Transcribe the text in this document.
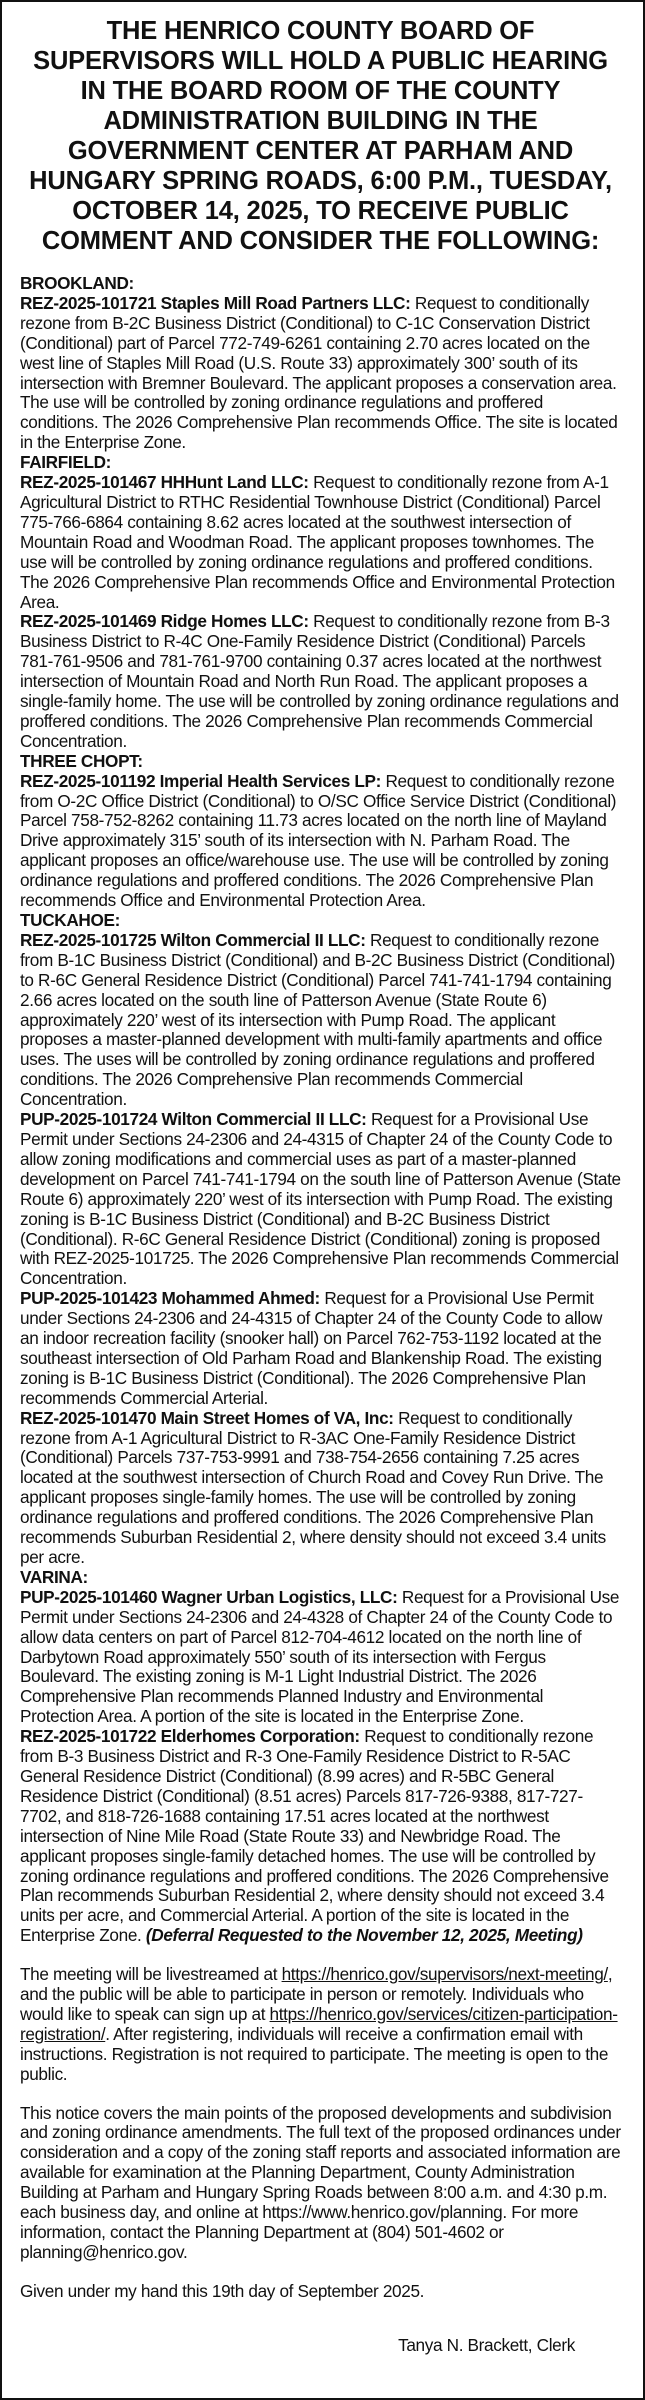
THE HENRICO COUNTY BOARD OF SUPERVISORS WILL HOLD A PUBLIC HEARING IN THE BOARD ROOM OF THE COUNTY ADMINISTRATION BUILDING IN THE GOVERNMENT CENTER AT PARHAM AND HUNGARY SPRING ROADS, 6:00 P.M., TUESDAY, OCTOBER 14, 2025, TO RECEIVE PUBLIC COMMENT AND CONSIDER THE FOLLOWING:
BROOKLAND:

REZ-2025-101721 Staples Mill Road Partners LLC: Request to conditionally rezone from B-2C Business District (Conditional) to C-1C Conservation District (Conditional) part of Parcel 772-749-6261 containing 2.70 acres located on the west line of Staples Mill Road (U.S. Route 33) approximately 300’ south of its intersection with Bremner Boulevard. The applicant proposes a conservation area. The use will be controlled by zoning ordinance regulations and proffered conditions. The 2026 Comprehensive Plan recommends Office. The site is located in the Enterprise Zone.

FAIRFIELD:

REZ-2025-101467 HHHunt Land LLC: Request to conditionally rezone from A-1 Agricultural District to RTHC Residential Townhouse District (Conditional) Parcel 775-766-6864 containing 8.62 acres located at the southwest intersection of Mountain Road and Woodman Road. The applicant proposes townhomes. The use will be controlled by zoning ordinance regulations and proffered conditions. The 2026 Comprehensive Plan recommends Office and Environmental Protection Area.

REZ-2025-101469 Ridge Homes LLC: Request to conditionally rezone from B-3 Business District to R-4C One-Family Residence District (Conditional) Parcels 781-761-9506 and 781-761-9700 containing 0.37 acres located at the northwest intersection of Mountain Road and North Run Road. The applicant proposes a single-family home. The use will be controlled by zoning ordinance regulations and proffered conditions. The 2026 Comprehensive Plan recommends Commercial Concentration.

THREE CHOPT:

REZ-2025-101192 Imperial Health Services LP: Request to conditionally rezone from O-2C Office District (Conditional) to O/SC Office Service District (Conditional) Parcel 758-752-8262 containing 11.73 acres located on the north line of Mayland Drive approximately 315’ south of its intersection with N. Parham Road. The applicant proposes an office/warehouse use. The use will be controlled by zoning ordinance regulations and proffered conditions. The 2026 Comprehensive Plan recommends Office and Environmental Protection Area.

TUCKAHOE:

REZ-2025-101725 Wilton Commercial II LLC: Request to conditionally rezone from B-1C Business District (Conditional) and B-2C Business District (Conditional) to R-6C General Residence District (Conditional) Parcel 741-741-1794 containing 2.66 acres located on the south line of Patterson Avenue (State Route 6) approximately 220’ west of its intersection with Pump Road. The applicant proposes a master-planned development with multi-family apartments and office uses. The uses will be controlled by zoning ordinance regulations and proffered conditions. The 2026 Comprehensive Plan recommends Commercial Concentration.

PUP-2025-101724 Wilton Commercial II LLC: Request for a Provisional Use Permit under Sections 24-2306 and 24-4315 of Chapter 24 of the County Code to allow zoning modifications and commercial uses as part of a master-planned development on Parcel 741-741-1794 on the south line of Patterson Avenue (State Route 6) approximately 220’ west of its intersection with Pump Road. The existing zoning is B-1C Business District (Conditional) and B-2C Business District (Conditional). R-6C General Residence District (Conditional) zoning is proposed with REZ-2025-101725. The 2026 Comprehensive Plan recommends Commercial Concentration.

PUP-2025-101423 Mohammed Ahmed: Request for a Provisional Use Permit under Sections 24-2306 and 24-4315 of Chapter 24 of the County Code to allow an indoor recreation facility (snooker hall) on Parcel 762-753-1192 located at the southeast intersection of Old Parham Road and Blankenship Road. The existing zoning is B-1C Business District (Conditional). The 2026 Comprehensive Plan recommends Commercial Arterial.

REZ-2025-101470 Main Street Homes of VA, Inc: Request to conditionally rezone from A-1 Agricultural District to R-3AC One-Family Residence District (Conditional) Parcels 737-753-9991 and 738-754-2656 containing 7.25 acres located at the southwest intersection of Church Road and Covey Run Drive. The applicant proposes single-family homes. The use will be controlled by zoning ordinance regulations and proffered conditions. The 2026 Comprehensive Plan recommends Suburban Residential 2, where density should not exceed 3.4 units per acre.

VARINA:

PUP-2025-101460 Wagner Urban Logistics, LLC: Request for a Provisional Use Permit under Sections 24-2306 and 24-4328 of Chapter 24 of the County Code to allow data centers on part of Parcel 812-704-4612 located on the north line of Darbytown Road approximately 550’ south of its intersection with Fergus Boulevard. The existing zoning is M-1 Light Industrial District. The 2026 Comprehensive Plan recommends Planned Industry and Environmental Protection Area. A portion of the site is located in the Enterprise Zone.

REZ-2025-101722 Elderhomes Corporation: Request to conditionally rezone from B-3 Business District and R-3 One-Family Residence District to R-5AC General Residence District (Conditional) (8.99 acres) and R-5BC General Residence District (Conditional) (8.51 acres) Parcels 817-726-9388, 817-727-7702, and 818-726-1688 containing 17.51 acres located at the northwest intersection of Nine Mile Road (State Route 33) and Newbridge Road. The applicant proposes single-family detached homes. The use will be controlled by zoning ordinance regulations and proffered conditions. The 2026 Comprehensive Plan recommends Suburban Residential 2, where density should not exceed 3.4 units per acre, and Commercial Arterial. A portion of the site is located in the Enterprise Zone. (Deferral Requested to the November 12, 2025, Meeting)

The meeting will be livestreamed at https://henrico.gov/supervisors/next-meeting/, and the public will be able to participate in person or remotely. Individuals who would like to speak can sign up at https://henrico.gov/services/citizen-participation-registration/. After registering, individuals will receive a confirmation email with instructions. Registration is not required to participate. The meeting is open to the public.

This notice covers the main points of the proposed developments and subdivision and zoning ordinance amendments. The full text of the proposed ordinances under consideration and a copy of the zoning staff reports and associated information are available for examination at the Planning Department, County Administration Building at Parham and Hungary Spring Roads between 8:00 a.m. and 4:30 p.m. each business day, and online at https://www.henrico.gov/planning. For more information, contact the Planning Department at (804) 501-4602 or planning@henrico.gov.

Given under my hand this 19th day of September 2025.

Tanya N. Brackett, Clerk
